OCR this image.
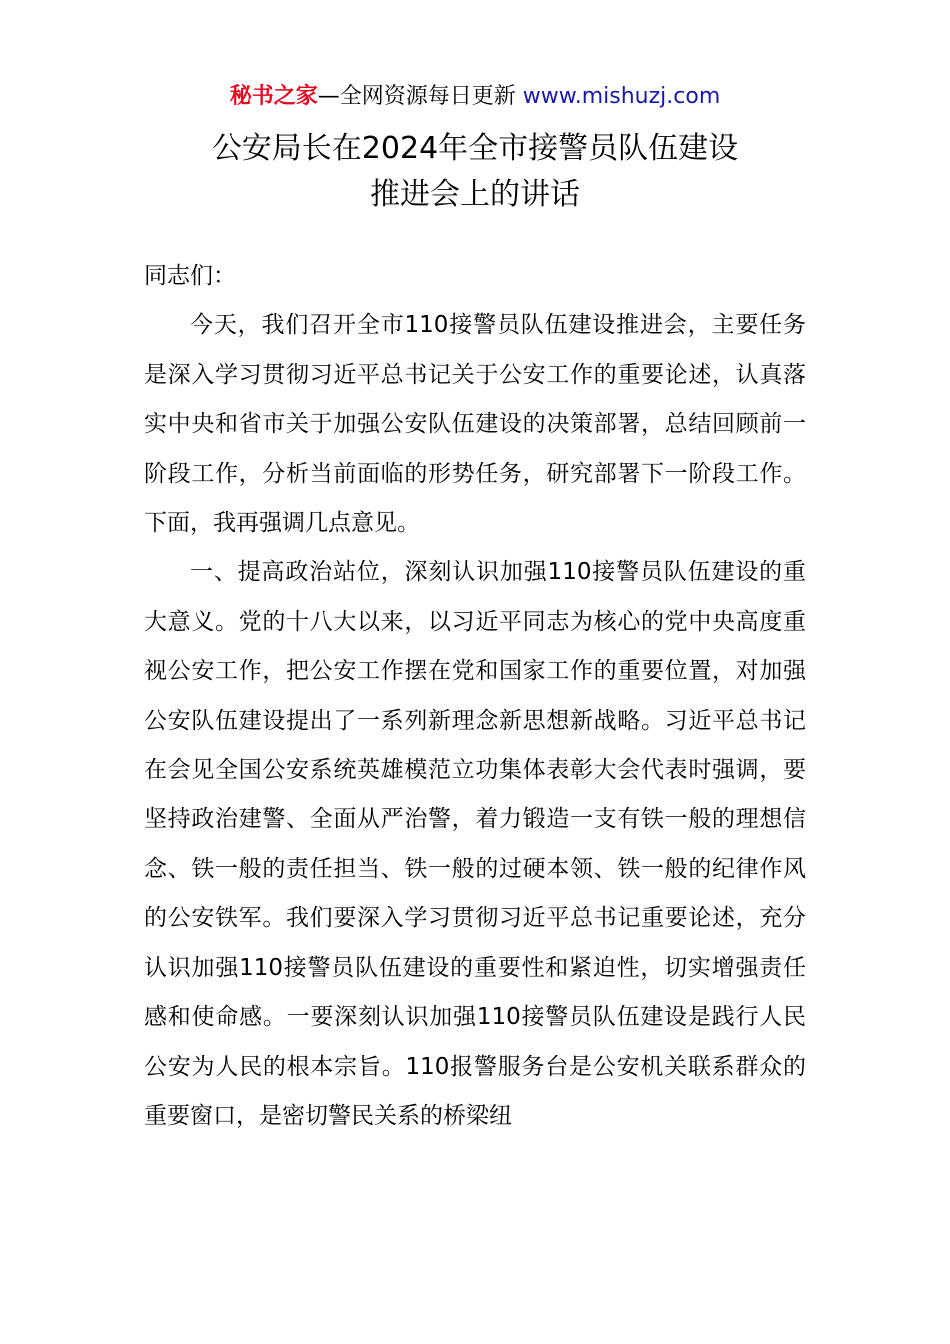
秘书之家—全网资源每日更新 www.mishuzj.com
公安局长在2024年全市接警员队伍建设
推进会上的讲话

同志们：

今天，我们召开全市110接警员队伍建设推进会，主要任务是深入学习贯彻习近平总书记关于公安工作的重要论述，认真落实中央和省市关于加强公安队伍建设的决策部署，总结回顾前一阶段工作，分析当前面临的形势任务，研究部署下一阶段工作。下面，我再强调几点意见。

一、提高政治站位，深刻认识加强110接警员队伍建设的重大意义。党的十八大以来，以习近平同志为核心的党中央高度重视公安工作，把公安工作摆在党和国家工作的重要位置，对加强公安队伍建设提出了一系列新理念新思想新战略。习近平总书记在会见全国公安系统英雄模范立功集体表彰大会代表时强调，要坚持政治建警、全面从严治警，着力锻造一支有铁一般的理想信念、铁一般的责任担当、铁一般的过硬本领、铁一般的纪律作风的公安铁军。我们要深入学习贯彻习近平总书记重要论述，充分认识加强110接警员队伍建设的重要性和紧迫性，切实增强责任感和使命感。一要深刻认识加强110接警员队伍建设是践行人民公安为人民的根本宗旨。110报警服务台是公安机关联系群众的重要窗口，是密切警民关系的桥梁纽
